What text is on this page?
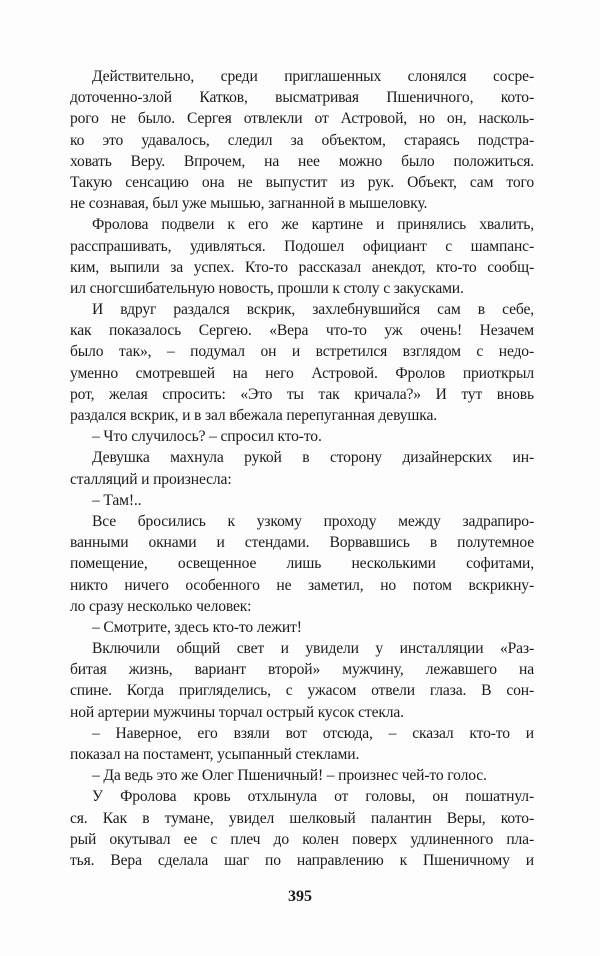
Действительно, среди приглашенных слонялся сосре-
доточенно-злой Катков, высматривая Пшеничного, кото-
рого не было. Сергея отвлекли от Астровой, но он, насколь-
ко это удавалось, следил за объектом, стараясь подстра-
ховать Веру. Впрочем, на нее можно было положиться.
Такую сенсацию она не выпустит из рук. Объект, сам того
не сознавая, был уже мышью, загнанной в мышеловку.
Фролова подвели к его же картине и принялись хвалить,
расспрашивать, удивляться. Подошел официант с шампанс-
ким, выпили за успех. Кто-то рассказал анекдот, кто-то сообщ-
ил сногсшибательную новость, прошли к столу с закусками.
И вдруг раздался вскрик, захлебнувшийся сам в себе,
как показалось Сергею. «Вера что-то уж очень! Незачем
было так», – подумал он и встретился взглядом с недо-
уменно смотревшей на него Астровой. Фролов приоткрыл
рот, желая спросить: «Это ты так кричала?» И тут вновь
раздался вскрик, и в зал вбежала перепуганная девушка.
– Что случилось? – спросил кто-то.
Девушка махнула рукой в сторону дизайнерских ин-
сталляций и произнесла:
– Там!..
Все бросились к узкому проходу между задрапиро-
ванными окнами и стендами. Ворвавшись в полутемное
помещение, освещенное лишь несколькими софитами,
никто ничего особенного не заметил, но потом вскрикну-
ло сразу несколько человек:
– Смотрите, здесь кто-то лежит!
Включили общий свет и увидели у инсталляции «Раз-
битая жизнь, вариант второй» мужчину, лежавшего на
спине. Когда пригляделись, с ужасом отвели глаза. В сон-
ной артерии мужчины торчал острый кусок стекла.
– Наверное, его взяли вот отсюда, – сказал кто-то и
показал на постамент, усыпанный стеклами.
– Да ведь это же Олег Пшеничный! – произнес чей-то голос.
У Фролова кровь отхлынула от головы, он пошатнул-
ся. Как в тумане, увидел шелковый палантин Веры, кото-
рый окутывал ее с плеч до колен поверх удлиненного пла-
тья. Вера сделала шаг по направлению к Пшеничному и
395
